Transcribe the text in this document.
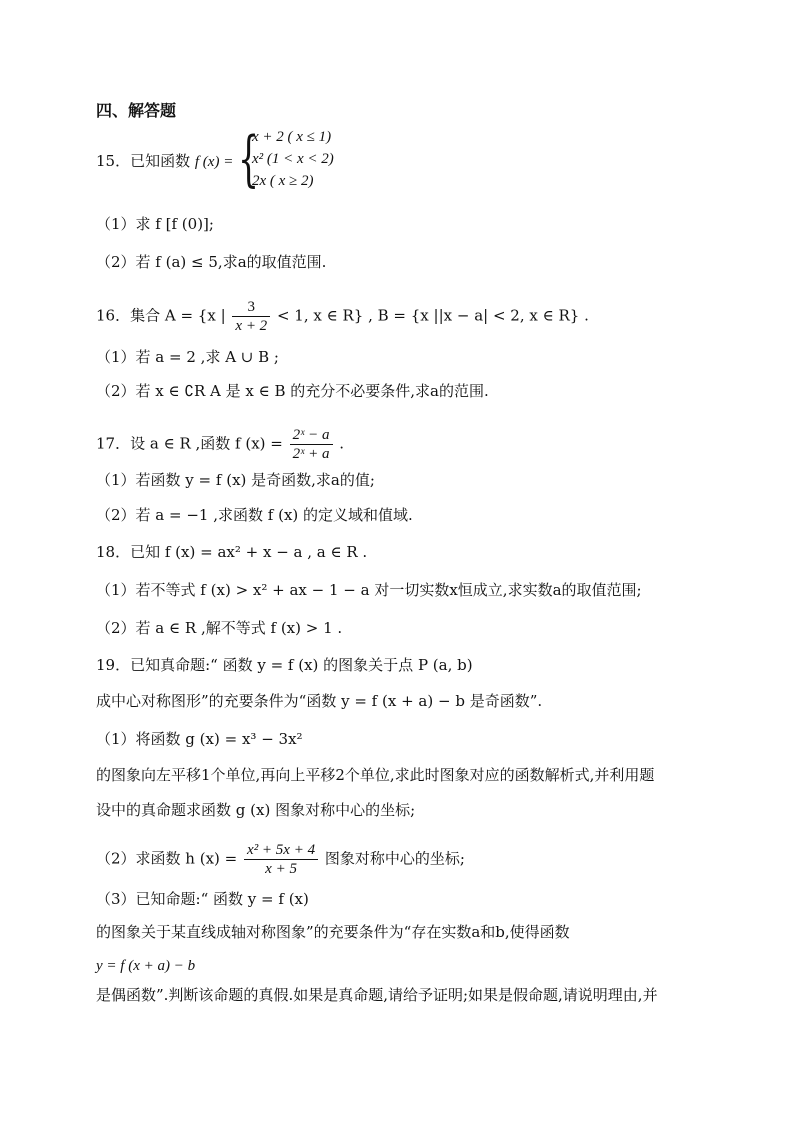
四、解答题
15．已知函数 f (x) = {
x + 2 ( x ≤ 1)
x² (1 < x < 2)
2x ( x ≥ 2)
（1）求 f [f (0)];
（2）若 f (a) ≤ 5,求a的取值范围.
16．集合 A = {x | $\frac{3}{x + 2} < 1$, x ∈ R} , B = {x ||x − a| < 2, x ∈ R} .
（1）若 a = 2 ,求 A ∪ B ;
（2）若 x ∈ ∁R A 是 x ∈ B 的充分不必要条件,求a的范围.
17．设 a ∈ R ,函数 f $(x) = \frac{\text{2ˣ − a}}{\text{2ˣ + a}}$ .
（1）若函数 y = f (x) 是奇函数,求a的值;
（2）若 a = −1 ,求函数 f (x) 的定义域和值域.
18．已知 f (x) = ax² + x − a , a ∈ R .
（1）若不等式 f (x) > x² + ax − 1 − a 对一切实数x恒成立,求实数a的取值范围;
（2）若 a ∈ R ,解不等式 f (x) > 1 .
19．已知真命题:“ 函数 y = f (x) 的图象关于点 P (a, b)
成中心对称图形”的充要条件为“函数 y = f (x + a) − b 是奇函数”.
（1）将函数 g (x) = x³ − 3x²
的图象向左平移1个单位,再向上平移2个单位,求此时图象对应的函数解析式,并利用题
设中的真命题求函数 g (x) 图象对称中心的坐标;
（2）求函数 h $(x) = \frac{\text{x² + 5x + 4}}{x + 5}$ 图象对称中心的坐标;
（3）已知命题:“ 函数 y = f (x)
的图象关于某直线成轴对称图象”的充要条件为“存在实数a和b,使得函数
y = f (x + a) − b
是偶函数”.判断该命题的真假.如果是真命题,请给予证明;如果是假命题,请说明理由,并
